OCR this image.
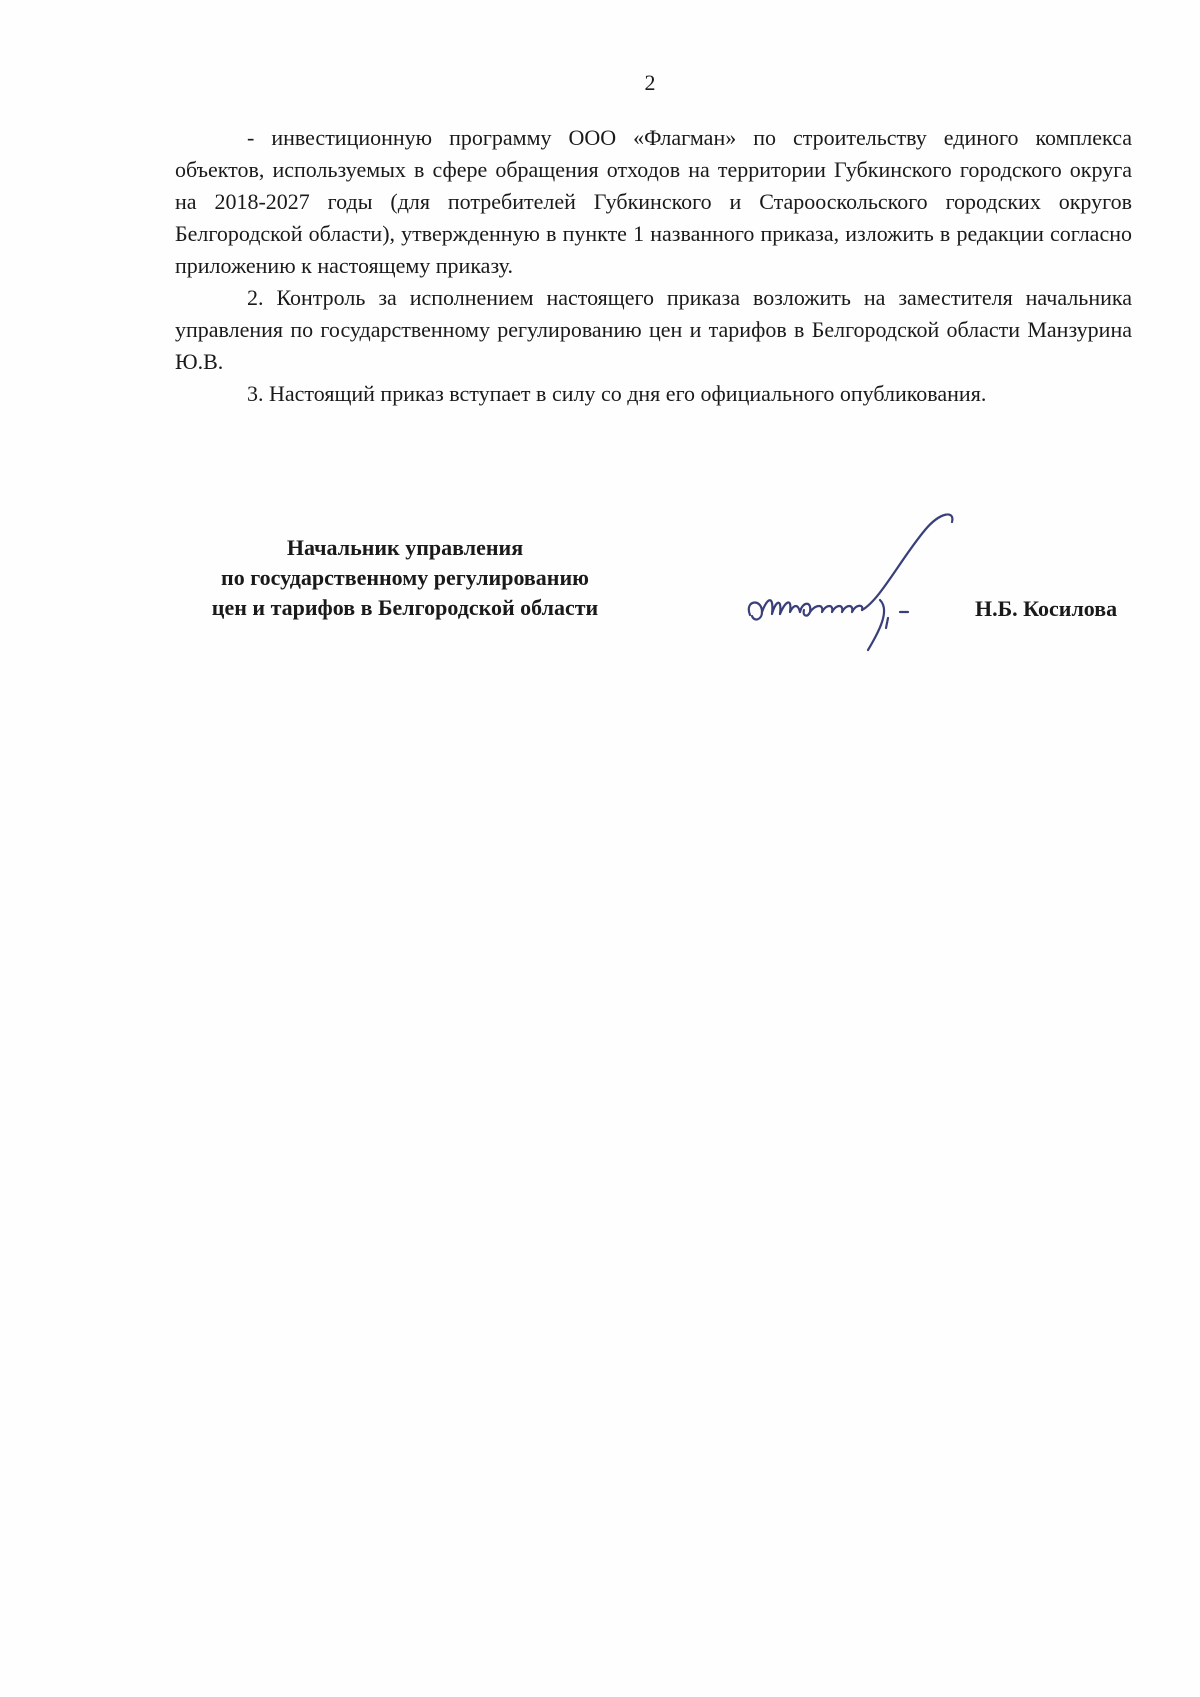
2

- инвестиционную программу ООО «Флагман» по строительству единого комплекса объектов, используемых в сфере обращения отходов на территории Губкинского городского округа на 2018-2027 годы (для потребителей Губкинского и Старооскольского городских округов Белгородской области), утвержденную в пункте 1 названного приказа, изложить в редакции согласно приложению к настоящему приказу.

2. Контроль за исполнением настоящего приказа возложить на заместителя начальника управления по государственному регулированию цен и тарифов в Белгородской области Манзурина Ю.В.

3. Настоящий приказ вступает в силу со дня его официального опубликования.

Начальник управления
по государственному регулированию
цен и тарифов в Белгородской области	Н.Б. Косилова
